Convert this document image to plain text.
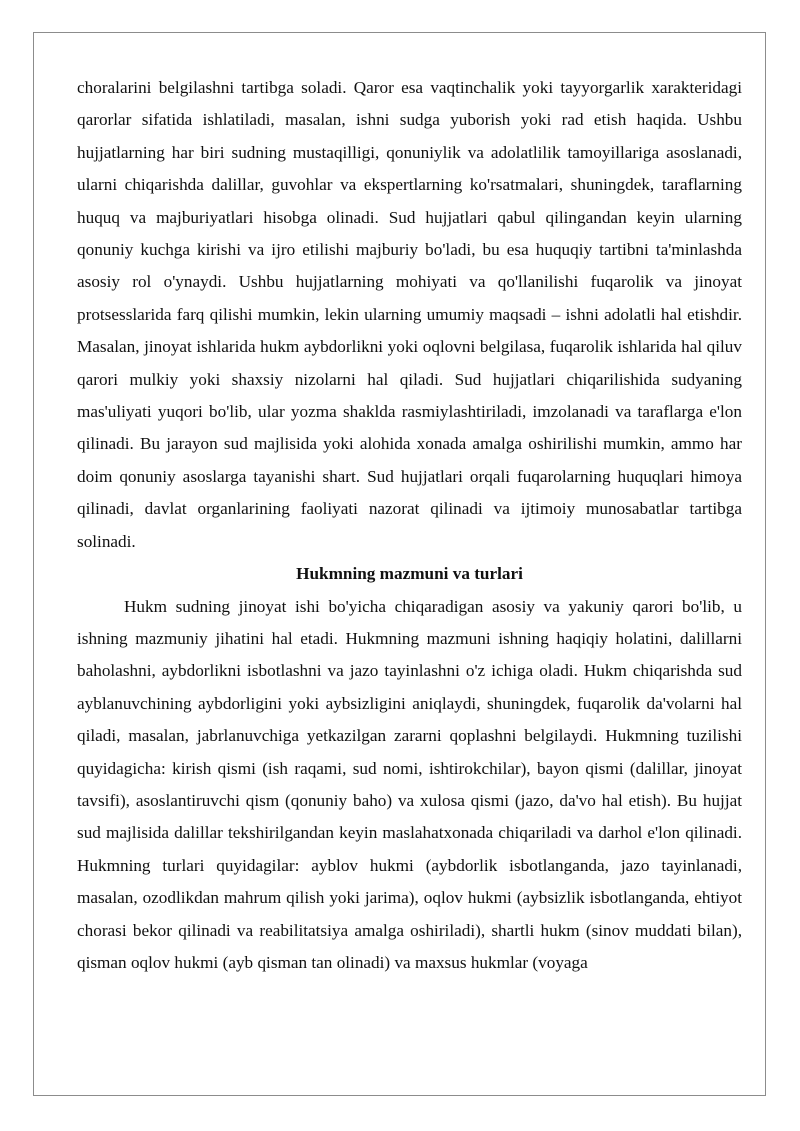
choralarini belgilashni tartibga soladi. Qaror esa vaqtinchalik yoki tayyorgarlik xarakteridagi qarorlar sifatida ishlatiladi, masalan, ishni sudga yuborish yoki rad etish haqida. Ushbu hujjatlarning har biri sudning mustaqilligi, qonuniylik va adolatlilik tamoyillariga asoslanadi, ularni chiqarishda dalillar, guvohlar va ekspertlarning ko'rsatmalari, shuningdek, taraflarning huquq va majburiyatlari hisobga olinadi. Sud hujjatlari qabul qilingandan keyin ularning qonuniy kuchga kirishi va ijro etilishi majburiy bo'ladi, bu esa huquqiy tartibni ta'minlashda asosiy rol o'ynaydi. Ushbu hujjatlarning mohiyati va qo'llanilishi fuqarolik va jinoyat protsesslarida farq qilishi mumkin, lekin ularning umumiy maqsadi – ishni adolatli hal etishdir. Masalan, jinoyat ishlarida hukm aybdorlikni yoki oqlovni belgilasa, fuqarolik ishlarida hal qiluv qarori mulkiy yoki shaxsiy nizolarni hal qiladi. Sud hujjatlari chiqarilishida sudyaning mas'uliyati yuqori bo'lib, ular yozma shaklda rasmiylashtiriladi, imzolanadi va taraflarga e'lon qilinadi. Bu jarayon sud majlisida yoki alohida xonada amalga oshirilishi mumkin, ammo har doim qonuniy asoslarga tayanishi shart. Sud hujjatlari orqali fuqarolarning huquqlari himoya qilinadi, davlat organlarining faoliyati nazorat qilinadi va ijtimoiy munosabatlar tartibga solinadi.

Hukmning mazmuni va turlari

Hukm sudning jinoyat ishi bo'yicha chiqaradigan asosiy va yakuniy qarori bo'lib, u ishning mazmuniy jihatini hal etadi. Hukmning mazmuni ishning haqiqiy holatini, dalillarni baholashni, aybdorlikni isbotlashni va jazo tayinlashni o'z ichiga oladi. Hukm chiqarishda sud ayblanuvchining aybdorligini yoki aybsizligini aniqlaydi, shuningdek, fuqarolik da'volarni hal qiladi, masalan, jabrlanuvchiga yetkazilgan zararni qoplashni belgilaydi. Hukmning tuzilishi quyidagicha: kirish qismi (ish raqami, sud nomi, ishtirokchilar), bayon qismi (dalillar, jinoyat tavsifi), asoslantiruvchi qism (qonuniy baho) va xulosa qismi (jazo, da'vo hal etish). Bu hujjat sud majlisida dalillar tekshirilgandan keyin maslahatxonada chiqariladi va darhol e'lon qilinadi. Hukmning turlari quyidagilar: ayblov hukmi (aybdorlik isbotlanganda, jazo tayinlanadi, masalan, ozodlikdan mahrum qilish yoki jarima), oqlov hukmi (aybsizlik isbotlanganda, ehtiyot chorasi bekor qilinadi va reabilitatsiya amalga oshiriladi), shartli hukm (sinov muddati bilan), qisman oqlov hukmi (ayb qisman tan olinadi) va maxsus hukmlar (voyaga
